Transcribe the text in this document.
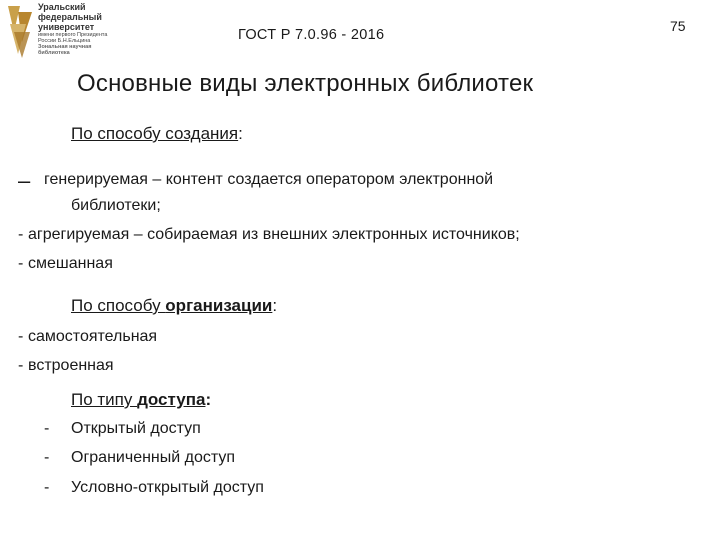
Уральский
федеральный
университет
имени первого Президента
России Б.Н.Ельцина
Зональная научная
библиотека
ГОСТ Р 7.0.96 - 2016
75
Основные виды электронных библиотек
По способу создания:
– генерируемая – контент создается оператором электронной
библиотеки;
- агрегируемая – собираемая из внешних электронных источников;
- смешанная
По способу организации:
- самостоятельная
- встроенная
По типу доступа:
- Открытый доступ
- Ограниченный доступ
- Условно-открытый доступ
